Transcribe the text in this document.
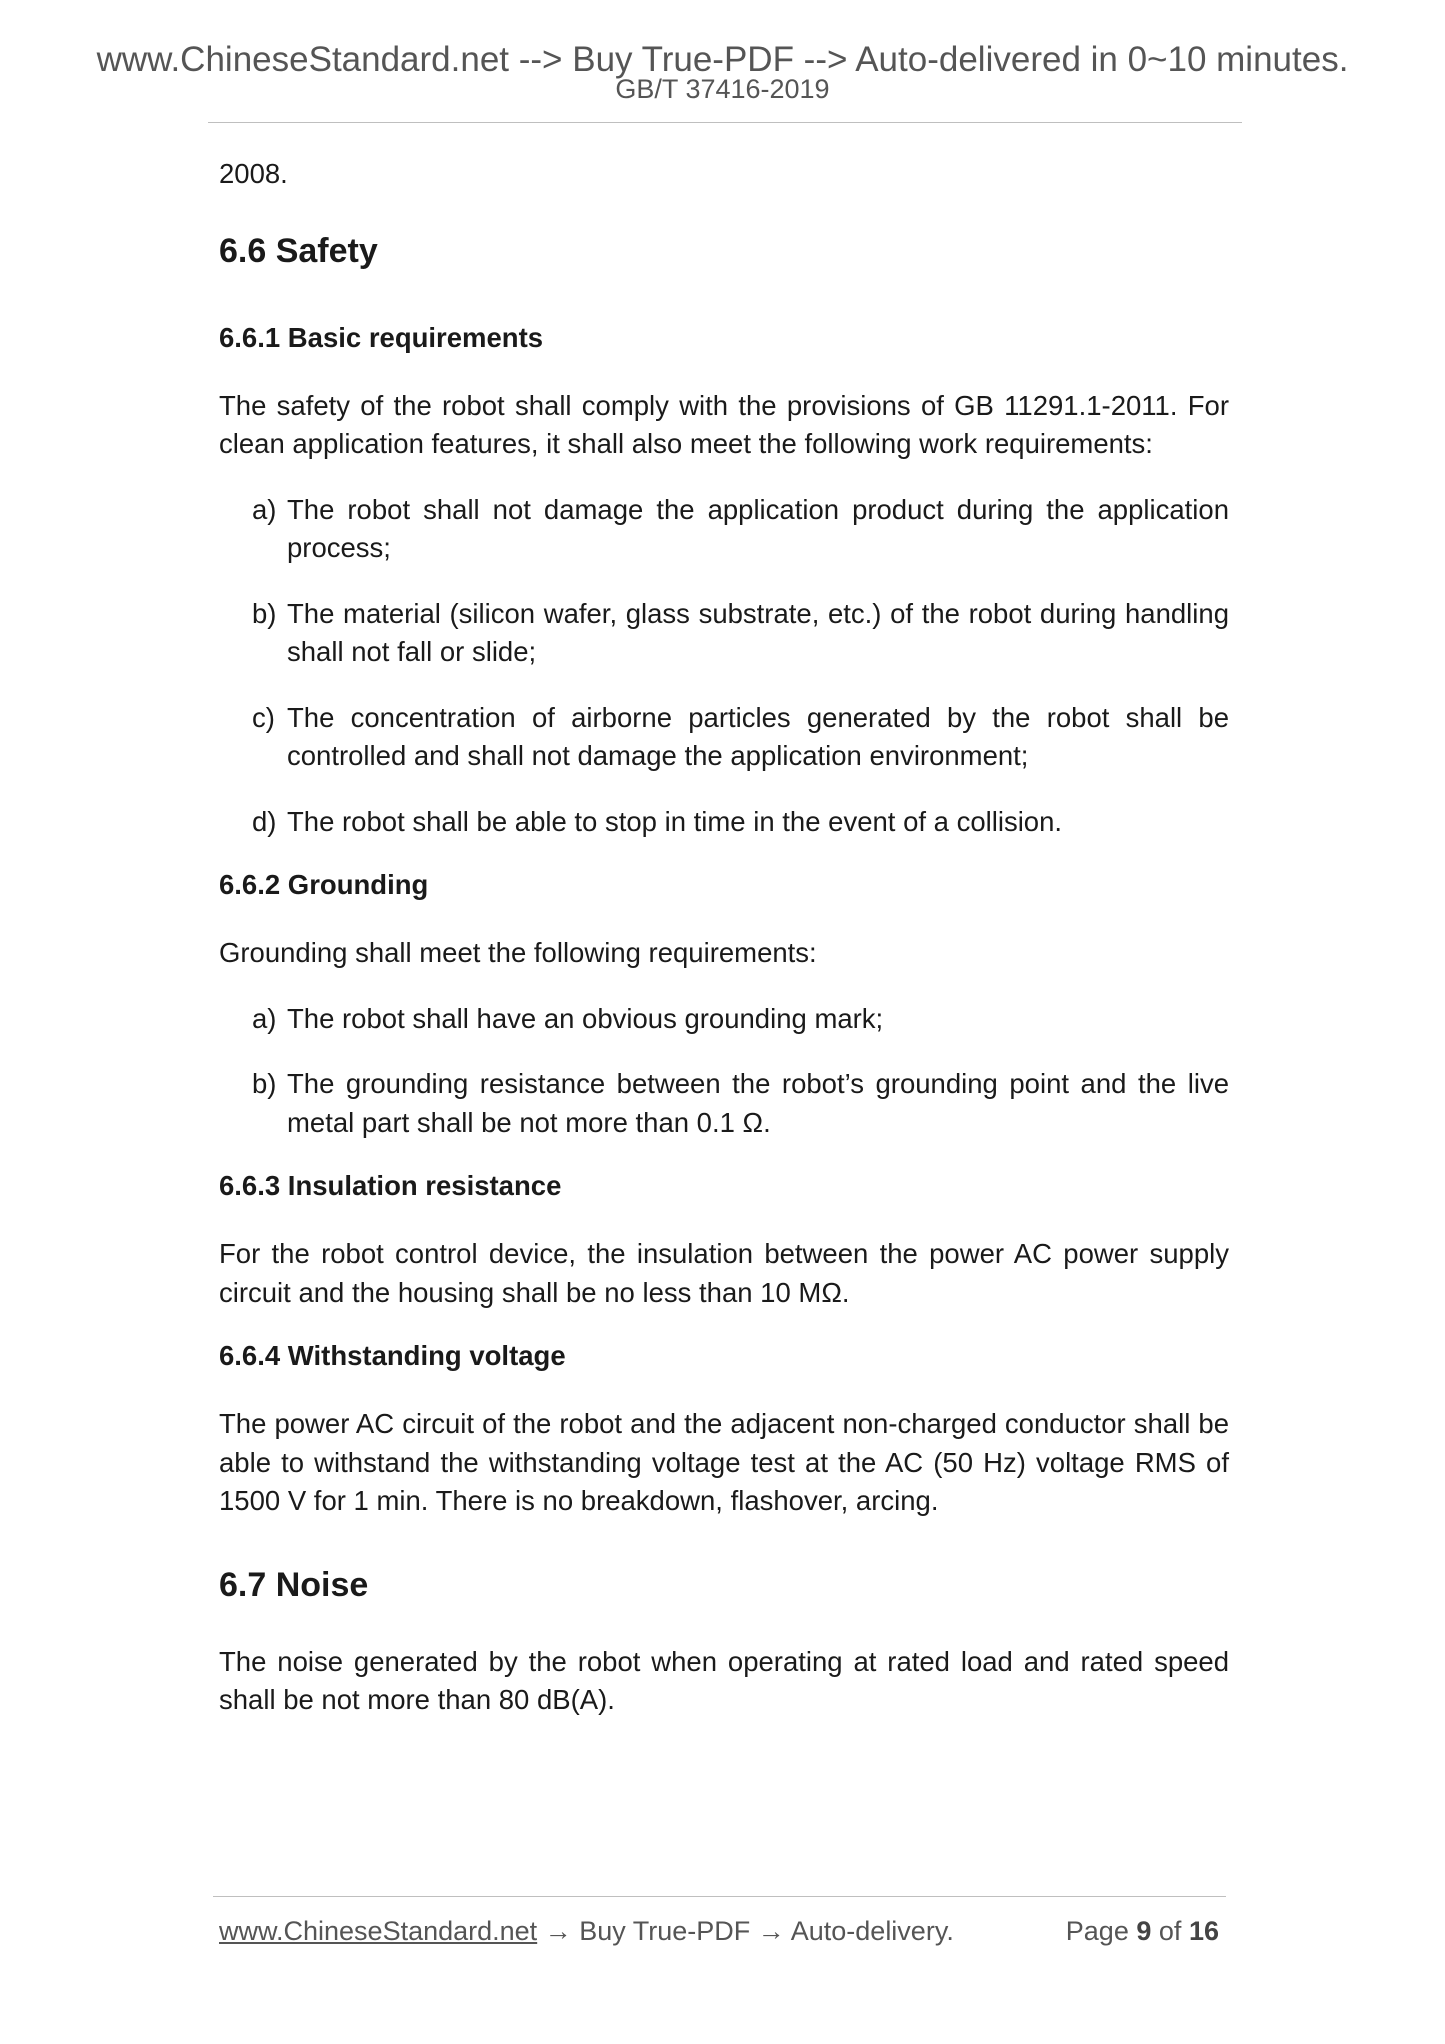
www.ChineseStandard.net --> Buy True-PDF --> Auto-delivered in 0~10 minutes.
GB/T 37416-2019

2008.

6.6 Safety
6.6.1 Basic requirements

The safety of the robot shall comply with the provisions of GB 11291.1-2011. For clean application features, it shall also meet the following work requirements:

a) The robot shall not damage the application product during the application process;
b) The material (silicon wafer, glass substrate, etc.) of the robot during handling shall not fall or slide;
c) The concentration of airborne particles generated by the robot shall be controlled and shall not damage the application environment;
d) The robot shall be able to stop in time in the event of a collision.
6.6.2 Grounding

Grounding shall meet the following requirements:

a) The robot shall have an obvious grounding mark;
b) The grounding resistance between the robot’s grounding point and the live metal part shall be not more than 0.1 Ω.
6.6.3 Insulation resistance

For the robot control device, the insulation between the power AC power supply circuit and the housing shall be no less than 10 MΩ.

6.6.4 Withstanding voltage

The power AC circuit of the robot and the adjacent non-charged conductor shall be able to withstand the withstanding voltage test at the AC (50 Hz) voltage RMS of 1500 V for 1 min. There is no breakdown, flashover, arcing.

6.7 Noise

The noise generated by the robot when operating at rated load and rated speed shall be not more than 80 dB(A).

www.ChineseStandard.net → Buy True-PDF → Auto-delivery.	Page 9 of 16
